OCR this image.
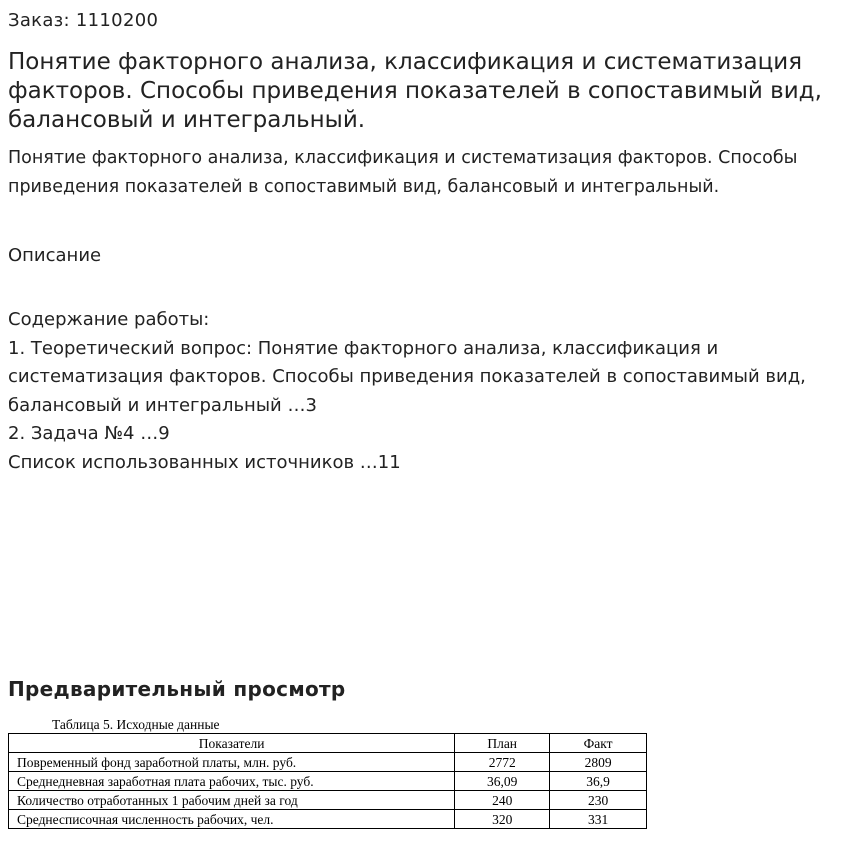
Заказ: 1110200
Понятие факторного анализа, классификация и систематизация факторов. Способы приведения показателей в сопоставимый вид, балансовый и интегральный.

Понятие факторного анализа, классификация и систематизация факторов. Способы приведения показателей в сопоставимый вид, балансовый и интегральный.

Описание
Содержание работы:
1. Теоретический вопрос: Понятие факторного анализа, классификация и систематизация факторов. Способы приведения показателей в сопоставимый вид, балансовый и интегральный …3
2. Задача №4 …9
Список использованных источников …11
Предварительный просмотр
Таблица 5. Исходные данные
Показатели	План	Факт
Повременный фонд заработной платы, млн. руб.	2772	2809
Среднедневная заработная плата рабочих, тыс. руб.	36,09	36,9
Количество отработанных 1 рабочим дней за год	240	230
Среднесписочная численность рабочих, чел.	320	331
